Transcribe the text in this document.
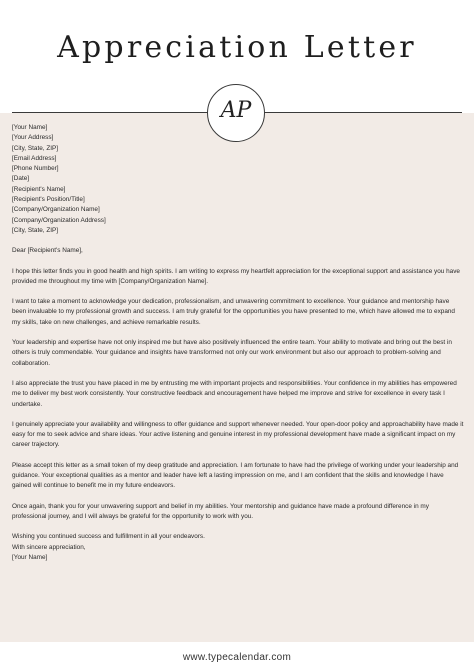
Appreciation Letter
AP
[Your Name]
[Your Address]
[City, State, ZIP]
[Email Address]
[Phone Number]
[Date]
[Recipient's Name]
[Recipient's Position/Title]
[Company/Organization Name]
[Company/Organization Address]
[City, State, ZIP]
Dear [Recipient's Name],
I hope this letter finds you in good health and high spirits. I am writing to express my heartfelt appreciation for the exceptional support and assistance you have provided me throughout my time with [Company/Organization Name].
I want to take a moment to acknowledge your dedication, professionalism, and unwavering commitment to excellence. Your guidance and mentorship have been invaluable to my professional growth and success. I am truly grateful for the opportunities you have presented to me, which have allowed me to expand my skills, take on new challenges, and achieve remarkable results.
Your leadership and expertise have not only inspired me but have also positively influenced the entire team. Your ability to motivate and bring out the best in others is truly commendable. Your guidance and insights have transformed not only our work environment but also our approach to problem-solving and collaboration.
I also appreciate the trust you have placed in me by entrusting me with important projects and responsibilities. Your confidence in my abilities has empowered me to deliver my best work consistently. Your constructive feedback and encouragement have helped me improve and strive for excellence in every task I undertake.
I genuinely appreciate your availability and willingness to offer guidance and support whenever needed. Your open-door policy and approachability have made it easy for me to seek advice and share ideas. Your active listening and genuine interest in my professional development have made a significant impact on my career trajectory.
Please accept this letter as a small token of my deep gratitude and appreciation. I am fortunate to have had the privilege of working under your leadership and guidance. Your exceptional qualities as a mentor and leader have left a lasting impression on me, and I am confident that the skills and knowledge I have gained will continue to benefit me in my future endeavors.
Once again, thank you for your unwavering support and belief in my abilities. Your mentorship and guidance have made a profound difference in my professional journey, and I will always be grateful for the opportunity to work with you.
Wishing you continued success and fulfillment in all your endeavors.
With sincere appreciation,
[Your Name]
www.typecalendar.com
